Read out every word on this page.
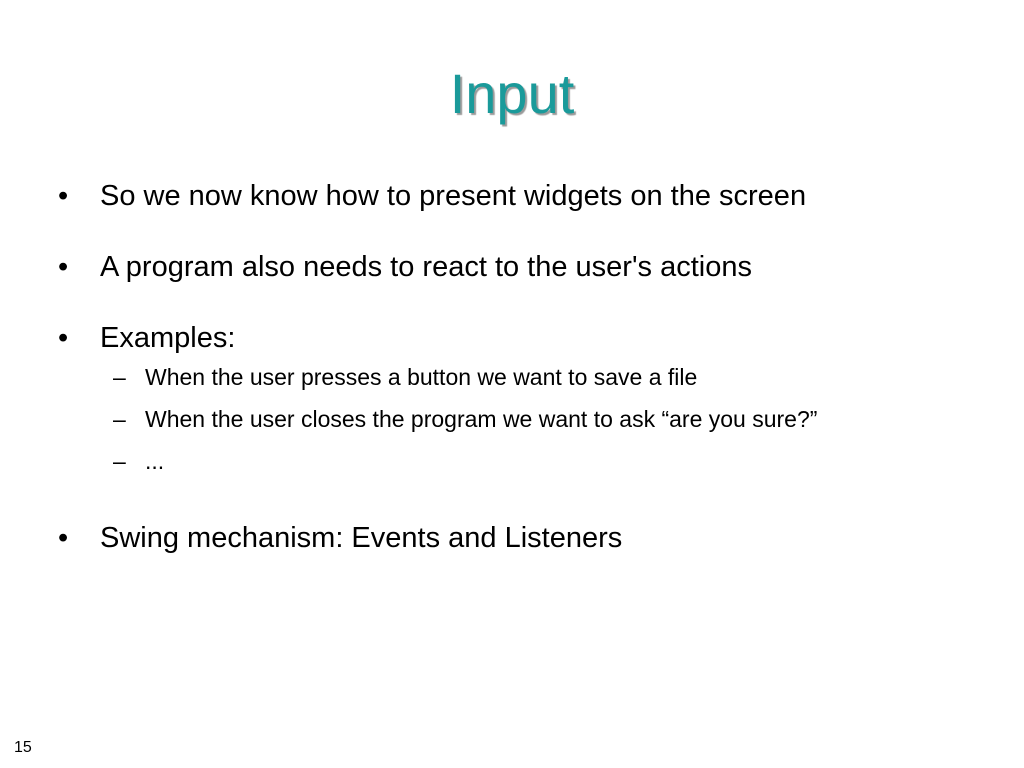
Input
•	So we now know how to present widgets on the screen
•	A program also needs to react to the user's actions
•	Examples:
– When the user presses a button we want to save a file
– When the user closes the program we want to ask “are you sure?”
– ...
•	Swing mechanism: Events and Listeners
15
